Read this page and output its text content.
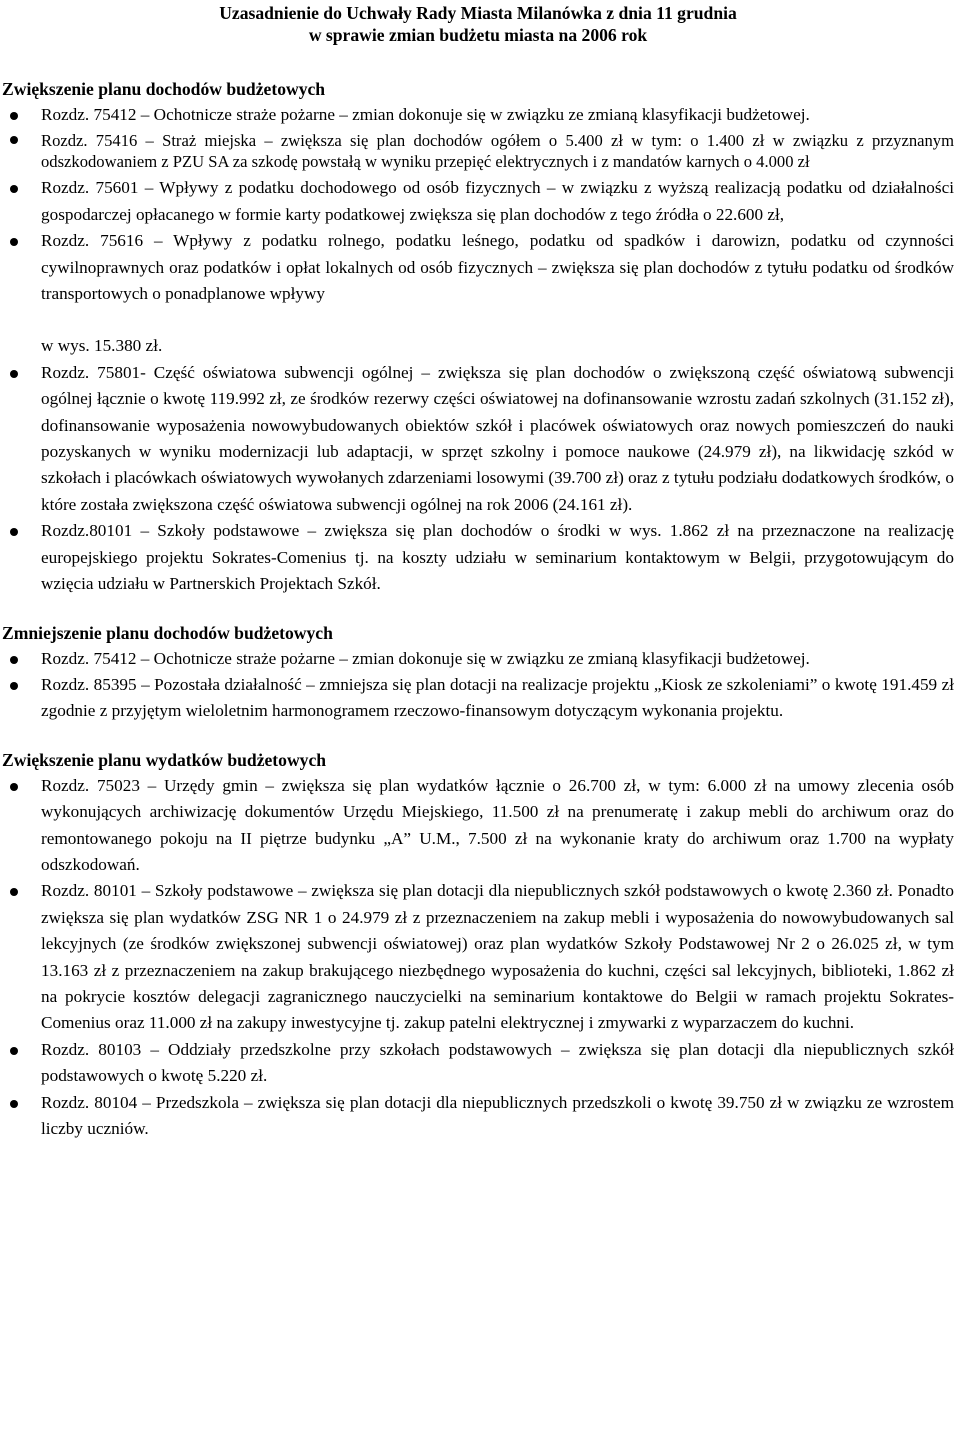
Uzasadnienie do Uchwały Rady Miasta Milanówka z dnia 11 grudnia
w sprawie zmian budżetu miasta na 2006 rok
Zwiększenie planu dochodów budżetowych
Rozdz. 75412 – Ochotnicze straże pożarne – zmian dokonuje się w związku ze zmianą klasyfikacji budżetowej.
Rozdz. 75416 – Straż miejska – zwiększa się plan dochodów ogółem o 5.400 zł w tym: o 1.400 zł w związku z przyznanym odszkodowaniem z PZU SA za szkodę powstałą w wyniku przepięć elektrycznych i z mandatów karnych o 4.000 zł
Rozdz. 75601 – Wpływy z podatku dochodowego od osób fizycznych – w związku z wyższą realizacją podatku od działalności gospodarczej opłacanego w formie karty podatkowej zwiększa się plan dochodów z tego źródła o 22.600 zł,
Rozdz. 75616 – Wpływy z podatku rolnego, podatku leśnego, podatku od spadków i darowizn, podatku od czynności cywilnoprawnych oraz podatków i opłat lokalnych od osób fizycznych – zwiększa się plan dochodów z tytułu podatku od środków transportowych o ponadplanowe wpływy
w wys. 15.380 zł.
Rozdz. 75801- Część oświatowa subwencji ogólnej – zwiększa się plan dochodów o zwiększoną część oświatową subwencji ogólnej łącznie o kwotę 119.992 zł, ze środków rezerwy części oświatowej na dofinansowanie wzrostu zadań szkolnych (31.152 zł), dofinansowanie wyposażenia nowowybudowanych obiektów szkół i placówek oświatowych oraz nowych pomieszczeń do nauki pozyskanych w wyniku modernizacji lub adaptacji, w sprzęt szkolny i pomoce naukowe (24.979 zł), na likwidację szkód w szkołach i placówkach oświatowych wywołanych zdarzeniami losowymi (39.700 zł) oraz z tytułu podziału dodatkowych środków, o które została zwiększona część oświatowa subwencji ogólnej na rok 2006 (24.161 zł).
Rozdz.80101 – Szkoły podstawowe – zwiększa się plan dochodów o środki w wys. 1.862 zł na przeznaczone na realizację europejskiego projektu Sokrates-Comenius tj. na koszty udziału w seminarium kontaktowym w Belgii, przygotowującym do wzięcia udziału w Partnerskich Projektach Szkół.
Zmniejszenie planu dochodów budżetowych
Rozdz. 75412 – Ochotnicze straże pożarne – zmian dokonuje się w związku ze zmianą klasyfikacji budżetowej.
Rozdz. 85395 – Pozostała działalność – zmniejsza się plan dotacji na realizacje projektu „Kiosk ze szkoleniami” o kwotę 191.459 zł zgodnie z przyjętym wieloletnim harmonogramem rzeczowo-finansowym dotyczącym wykonania projektu.
Zwiększenie planu wydatków budżetowych
Rozdz. 75023 – Urzędy gmin – zwiększa się plan wydatków łącznie o 26.700 zł, w tym: 6.000 zł na umowy zlecenia osób wykonujących archiwizację dokumentów Urzędu Miejskiego, 11.500 zł na prenumeratę i zakup mebli do archiwum oraz do remontowanego pokoju na II piętrze budynku „A” U.M., 7.500 zł na wykonanie kraty do archiwum oraz 1.700 na wypłaty odszkodowań.
Rozdz. 80101 – Szkoły podstawowe – zwiększa się plan dotacji dla niepublicznych szkół podstawowych o kwotę 2.360 zł. Ponadto zwiększa się plan wydatków ZSG NR 1 o 24.979 zł z przeznaczeniem na zakup mebli i wyposażenia do nowowybudowanych sal lekcyjnych (ze środków zwiększonej subwencji oświatowej) oraz plan wydatków Szkoły Podstawowej Nr 2 o 26.025 zł, w tym 13.163 zł z przeznaczeniem na zakup brakującego niezbędnego wyposażenia do kuchni, części sal lekcyjnych, biblioteki, 1.862 zł na pokrycie kosztów delegacji zagranicznego nauczycielki na seminarium kontaktowe do Belgii w ramach projektu Sokrates-Comenius oraz 11.000 zł na zakupy inwestycyjne tj. zakup patelni elektrycznej i zmywarki z wyparzaczem do kuchni.
Rozdz. 80103 – Oddziały przedszkolne przy szkołach podstawowych – zwiększa się plan dotacji dla niepublicznych szkół podstawowych o kwotę 5.220 zł.
Rozdz. 80104 – Przedszkola – zwiększa się plan dotacji dla niepublicznych przedszkoli o kwotę 39.750 zł w związku ze wzrostem liczby uczniów.
